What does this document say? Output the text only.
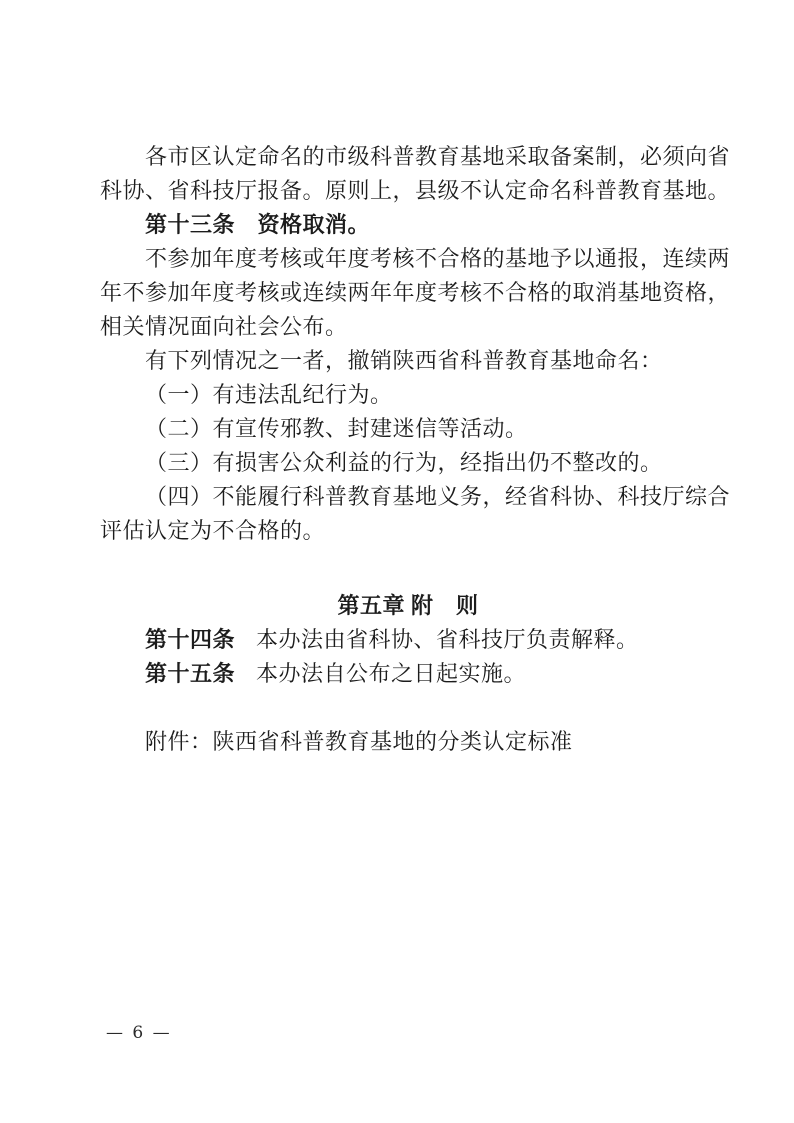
各市区认定命名的市级科普教育基地采取备案制，必须向省
科协、省科技厅报备。原则上，县级不认定命名科普教育基地。
第十三条　资格取消。
不参加年度考核或年度考核不合格的基地予以通报，连续两
年不参加年度考核或连续两年年度考核不合格的取消基地资格，
相关情况面向社会公布。
有下列情况之一者，撤销陕西省科普教育基地命名：
（一）有违法乱纪行为。
（二）有宣传邪教、封建迷信等活动。
（三）有损害公众利益的行为，经指出仍不整改的。
（四）不能履行科普教育基地义务，经省科协、科技厅综合
评估认定为不合格的。
第五章 附　则
第十四条 本办法由省科协、省科技厅负责解释。
第十五条 本办法自公布之日起实施。
附件：陕西省科普教育基地的分类认定标准
— 6 —
